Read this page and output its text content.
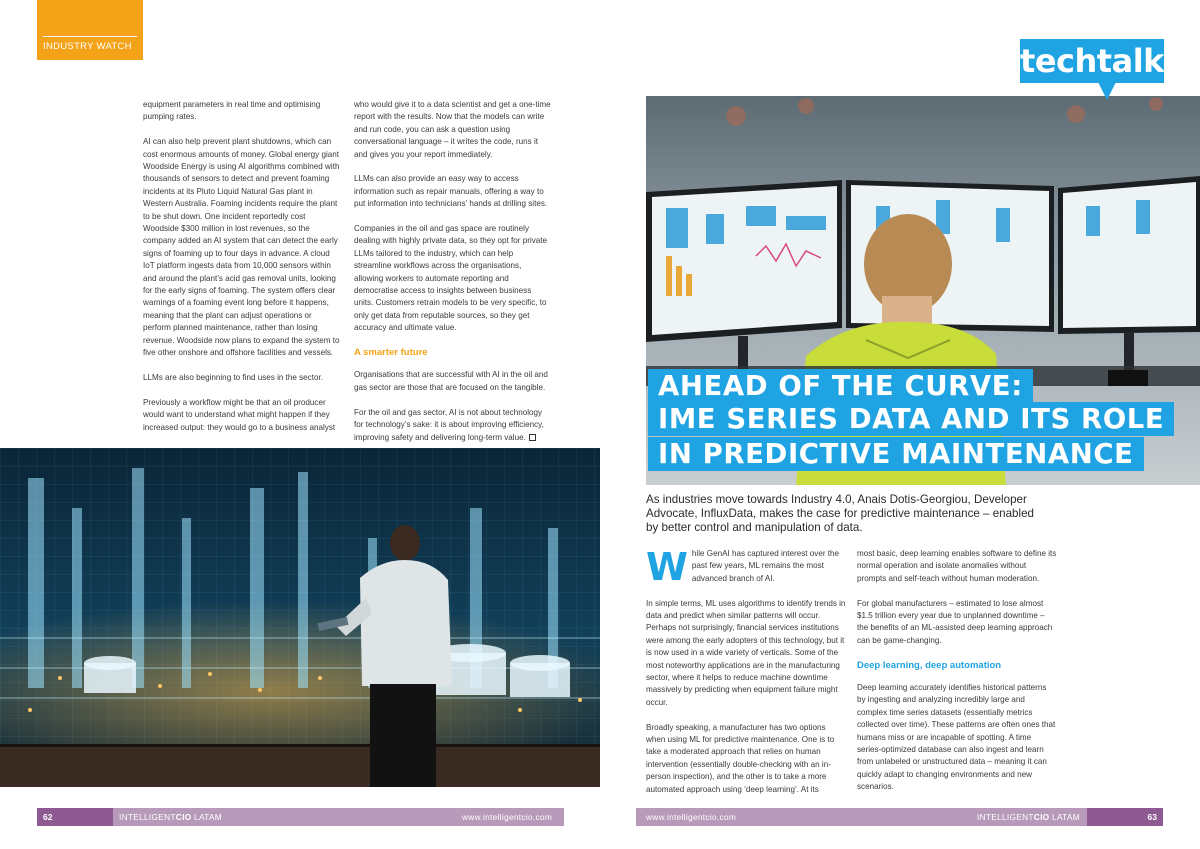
INDUSTRY WATCH

equipment parameters in real time and optimising pumping rates.

AI can also help prevent plant shutdowns, which can cost enormous amounts of money. Global energy giant Woodside Energy is using AI algorithms combined with thousands of sensors to detect and prevent foaming incidents at its Pluto Liquid Natural Gas plant in Western Australia. Foaming incidents require the plant to be shut down. One incident reportedly cost Woodside $300 million in lost revenues, so the company added an AI system that can detect the early signs of foaming up to four days in advance. A cloud IoT platform ingests data from 10,000 sensors within and around the plant’s acid gas removal units, looking for the early signs of foaming. The system offers clear warnings of a foaming event long before it happens, meaning that the plant can adjust operations or perform planned maintenance, rather than losing revenue. Woodside now plans to expand the system to five other onshore and offshore facilities and vessels.

LLMs are also beginning to find uses in the sector.

Previously a workflow might be that an oil producer would want to understand what might happen if they increased output: they would go to a business analyst

who would give it to a data scientist and get a one-time report with the results. Now that the models can write and run code, you can ask a question using conversational language – it writes the code, runs it and gives you your report immediately.

LLMs can also provide an easy way to access information such as repair manuals, offering a way to put information into technicians’ hands at drilling sites.

Companies in the oil and gas space are routinely dealing with highly private data, so they opt for private LLMs tailored to the industry, which can help streamline workflows across the organisations, allowing workers to automate reporting and democratise access to insights between business units. Customers retrain models to be very specific, to only get data from reputable sources, so they get accuracy and ultimate value.

A smarter future

Organisations that are successful with AI in the oil and gas sector are those that are focused on the tangible.

For the oil and gas sector, AI is not about technology for technology’s sake: it is about improving efficiency, improving safety and delivering long-term value.

techtalk
AHEAD OF THE CURVE:
IME SERIES DATA AND ITS ROLE
IN PREDICTIVE MAINTENANCE
As industries move towards Industry 4.0, Anais Dotis-Georgiou, Developer Advocate, InfluxData, makes the case for predictive maintenance – enabled by better control and manipulation of data.

W hile GenAI has captured interest over the past few years, ML remains the most advanced branch of AI.

In simple terms, ML uses algorithms to identify trends in data and predict when similar patterns will occur. Perhaps not surprisingly, financial services institutions were among the early adopters of this technology, but it is now used in a wide variety of verticals. Some of the most noteworthy applications are in the manufacturing sector, where it helps to reduce machine downtime massively by predicting when equipment failure might occur.

Broadly speaking, a manufacturer has two options when using ML for predictive maintenance. One is to take a moderated approach that relies on human intervention (essentially double-checking with an in-person inspection), and the other is to take a more automated approach using ‘deep learning’. At its

most basic, deep learning enables software to define its normal operation and isolate anomalies without prompts and self-teach without human moderation.

For global manufacturers – estimated to lose almost $1.5 trillion every year due to unplanned downtime – the benefits of an ML-assisted deep learning approach can be game-changing.

Deep learning, deep automation

Deep learning accurately identifies historical patterns by ingesting and analyzing incredibly large and complex time series datasets (essentially metrics collected over time). These patterns are often ones that humans miss or are incapable of spotting. A time series-optimized database can also ingest and learn from unlabeled or unstructured data – meaning it can quickly adapt to changing environments and new scenarios.

62	63
INTELLIGENTCIO LATAM	www.intelligentcio.com	www.intelligentcio.com	INTELLIGENTCIO LATAM
